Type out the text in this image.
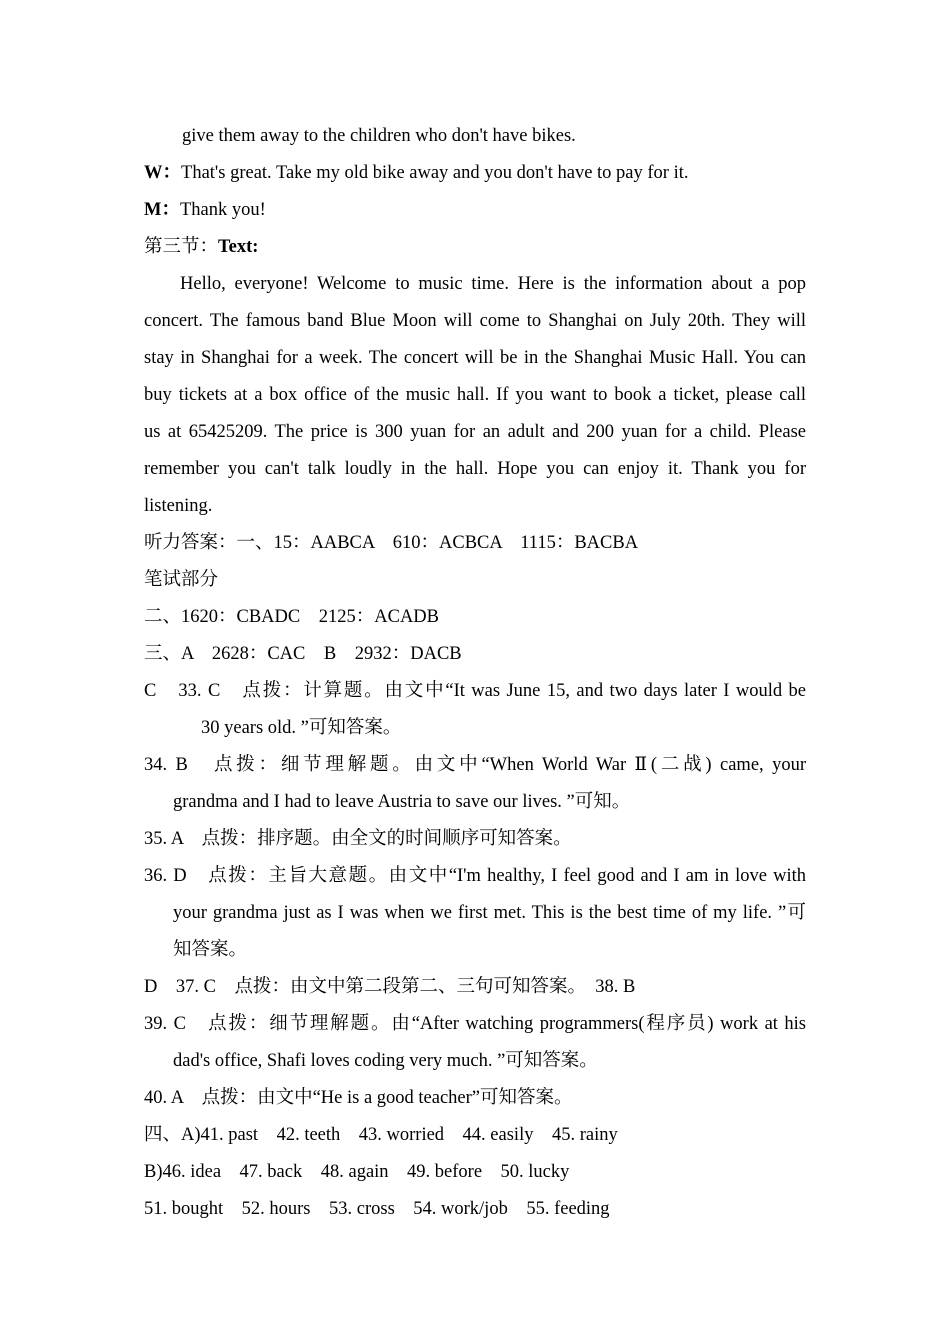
give them away to the children who don't have bikes.
W：That's great. Take my old bike away and you don't have to pay for it.
M：Thank you!
第三节：Text:
Hello, everyone! Welcome to music time. Here is the information about a pop
concert. The famous band Blue Moon will come to Shanghai on July 20th. They will
stay in Shanghai for a week. The concert will be in the Shanghai Music Hall. You can
buy tickets at a box office of the music hall. If you want to book a ticket, please call
us at 65425209. The price is 300 yuan for an adult and 200 yuan for a child. Please
remember you can't talk loudly in the hall. Hope you can enjoy it. Thank you for
listening.
听力答案：一、15：AABCA　610：ACBCA　1115：BACBA
笔试部分
二、1620：CBADC　2125：ACADB
三、A　2628：CAC　B　2932：DACB
C　33. C　点拨：计算题。由文中“It was June 15, and two days later I would be
30 years old. ”可知答案。
34. B　点拨：细节理解题。由文中“When World War Ⅱ(二战) came, your
grandma and I had to leave Austria to save our lives. ”可知。
35. A　点拨：排序题。由全文的时间顺序可知答案。
36. D　点拨：主旨大意题。由文中“I'm healthy, I feel good and I am in love with
your grandma just as I was when we first met. This is the best time of my life. ”可
知答案。
D　37. C　点拨：由文中第二段第二、三句可知答案。　38. B
39. C　点拨：细节理解题。由“After watching programmers(程序员) work at his
dad's office, Shafi loves coding very much. ”可知答案。
40. A　点拨：由文中“He is a good teacher”可知答案。
四、A)41. past　42. teeth　43. worried　44. easily　45. rainy
B)46. idea　47. back　48. again　49. before　50. lucky
51. bought　52. hours　53. cross　54. work/job　55. feeding
